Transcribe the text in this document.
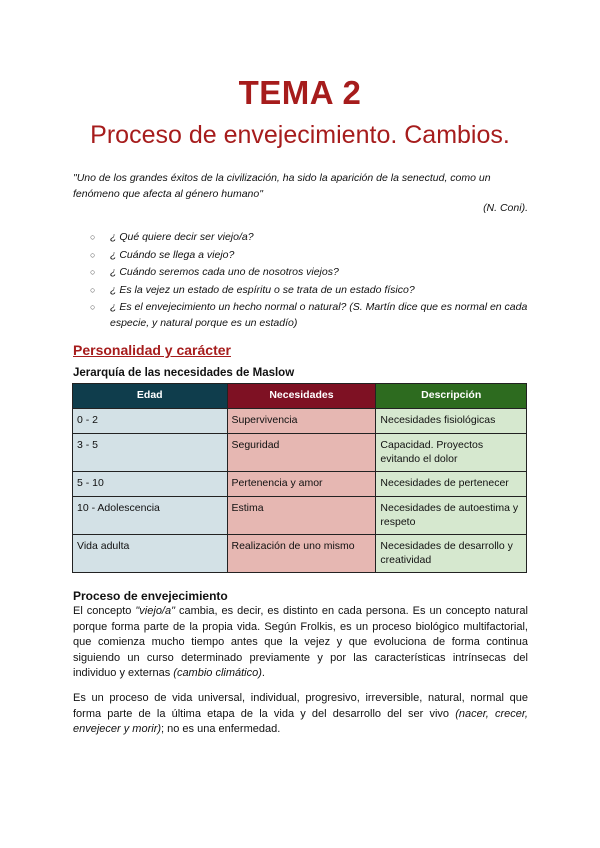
TEMA 2
Proceso de envejecimiento. Cambios.
"Uno de los grandes éxitos de la civilización, ha sido la aparición de la senectud, como un fenómeno que afecta al género humano"
(N. Coni).
○ ¿ Qué quiere decir ser viejo/a?
○ ¿ Cuándo se llega a viejo?
○ ¿ Cuándo seremos cada uno de nosotros viejos?
○ ¿ Es la vejez un estado de espíritu o se trata de un estado físico?
○ ¿ Es el envejecimiento un hecho normal o natural? (S. Martín dice que es normal en cada especie, y natural porque es un estadío)
Personalidad y carácter
Jerarquía de las necesidades de Maslow
Edad	Necesidades	Descripción
0 - 2	Supervivencia	Necesidades fisiológicas
3 - 5	Seguridad	Capacidad. Proyectos evitando el dolor
5 - 10	Pertenencia y amor	Necesidades de pertenecer
10 - Adolescencia	Estima	Necesidades de autoestima y respeto
Vida adulta	Realización de uno mismo	Necesidades de desarrollo y creatividad
Proceso de envejecimiento
El concepto "viejo/a" cambia, es decir, es distinto en cada persona. Es un concepto natural porque forma parte de la propia vida. Según Frolkis, es un proceso biológico multifactorial, que comienza mucho tiempo antes que la vejez y que evoluciona de forma continua siguiendo un curso determinado previamente y por las características intrínsecas del individuo y externas (cambio climático).
Es un proceso de vida universal, individual, progresivo, irreversible, natural, normal que forma parte de la última etapa de la vida y del desarrollo del ser vivo (nacer, crecer, envejecer y morir); no es una enfermedad.
